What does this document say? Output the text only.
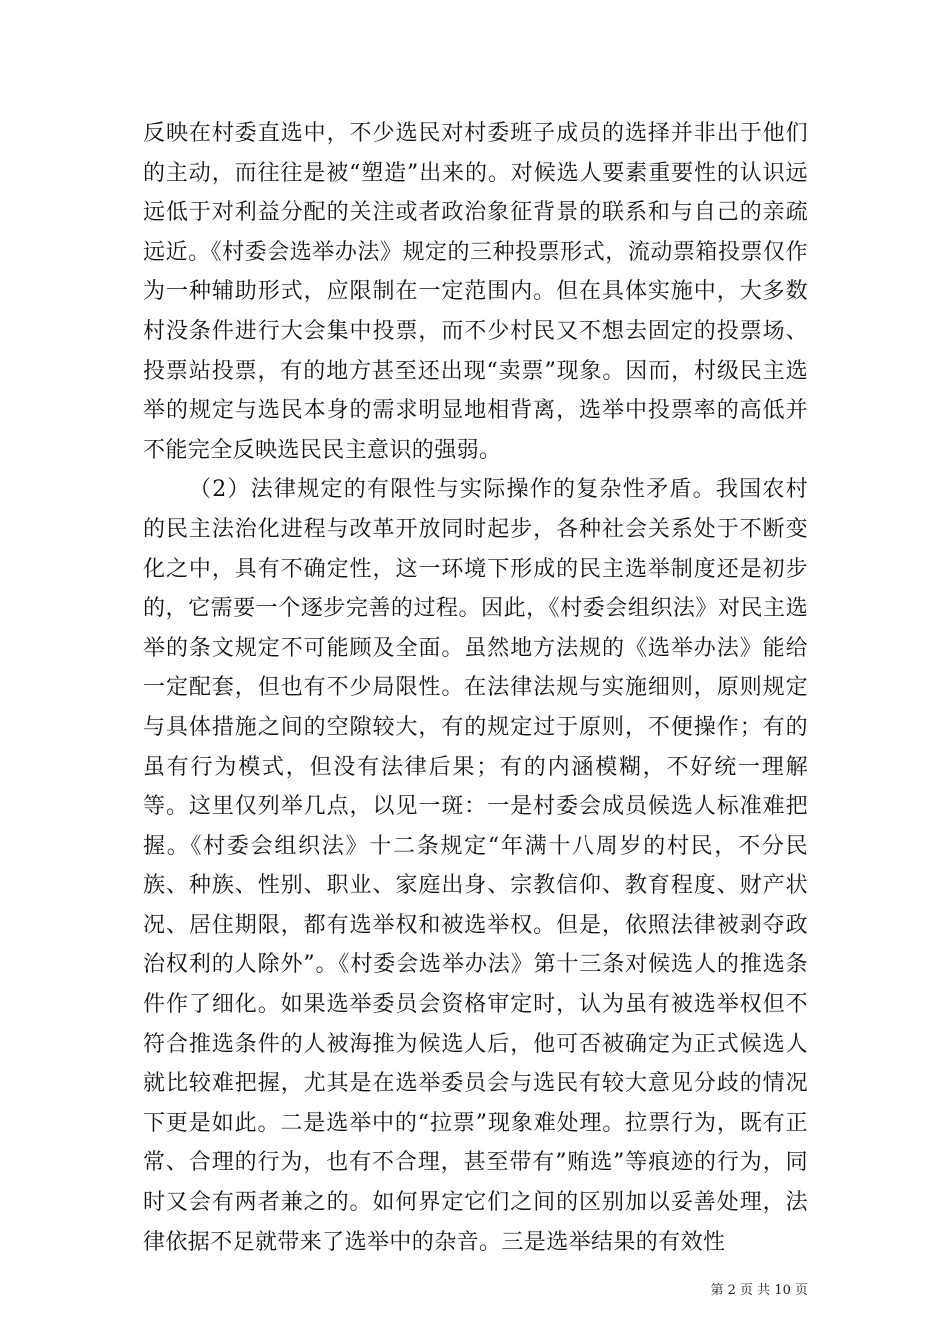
反映在村委直选中，不少选民对村委班子成员的选择并非出于他们的主动，而往往是被“塑造”出来的。对候选人要素重要性的认识远远低于对利益分配的关注或者政治象征背景的联系和与自己的亲疏远近。《村委会选举办法》规定的三种投票形式，流动票箱投票仅作为一种辅助形式，应限制在一定范围内。但在具体实施中，大多数村没条件进行大会集中投票，而不少村民又不想去固定的投票场、投票站投票，有的地方甚至还出现“卖票”现象。因而，村级民主选举的规定与选民本身的需求明显地相背离，选举中投票率的高低并不能完全反映选民民主意识的强弱。

（2）法律规定的有限性与实际操作的复杂性矛盾。我国农村的民主法治化进程与改革开放同时起步，各种社会关系处于不断变化之中，具有不确定性，这一环境下形成的民主选举制度还是初步的，它需要一个逐步完善的过程。因此，《村委会组织法》对民主选举的条文规定不可能顾及全面。虽然地方法规的《选举办法》能给一定配套，但也有不少局限性。在法律法规与实施细则，原则规定与具体措施之间的空隙较大，有的规定过于原则，不便操作；有的虽有行为模式，但没有法律后果；有的内涵模糊，不好统一理解等。这里仅列举几点，以见一斑：一是村委会成员候选人标准难把握。《村委会组织法》十二条规定“年满十八周岁的村民，不分民族、种族、性别、职业、家庭出身、宗教信仰、教育程度、财产状况、居住期限，都有选举权和被选举权。但是，依照法律被剥夺政治权利的人除外”。《村委会选举办法》第十三条对候选人的推选条件作了细化。如果选举委员会资格审定时，认为虽有被选举权但不符合推选条件的人被海推为候选人后，他可否被确定为正式候选人就比较难把握，尤其是在选举委员会与选民有较大意见分歧的情况下更是如此。二是选举中的“拉票”现象难处理。拉票行为，既有正常、合理的行为，也有不合理，甚至带有”贿选”等痕迹的行为，同时又会有两者兼之的。如何界定它们之间的区别加以妥善处理，法律依据不足就带来了选举中的杂音。三是选举结果的有效性

第 2 页 共 10 页
